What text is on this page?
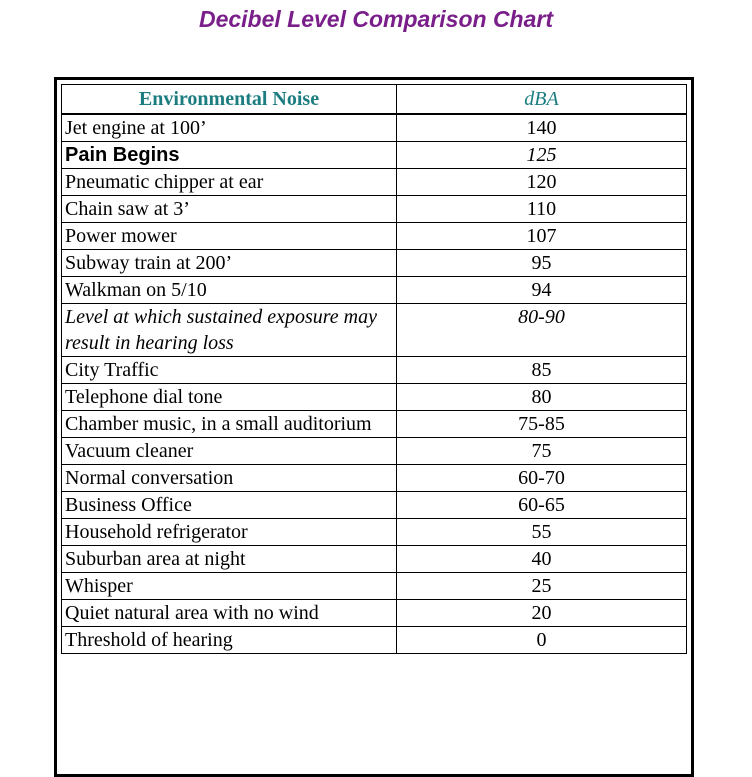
Decibel Level Comparison Chart
Environmental Noise	dBA
Jet engine at 100’	140
Pain Begins	125
Pneumatic chipper at ear	120
Chain saw at 3’	110
Power mower	107
Subway train at 200’	95
Walkman on 5/10	94
Level at which sustained exposure may result in hearing loss	80-90
City Traffic	85
Telephone dial tone	80
Chamber music, in a small auditorium	75-85
Vacuum cleaner	75
Normal conversation	60-70
Business Office	60-65
Household refrigerator	55
Suburban area at night	40
Whisper	25
Quiet natural area with no wind	20
Threshold of hearing	0
